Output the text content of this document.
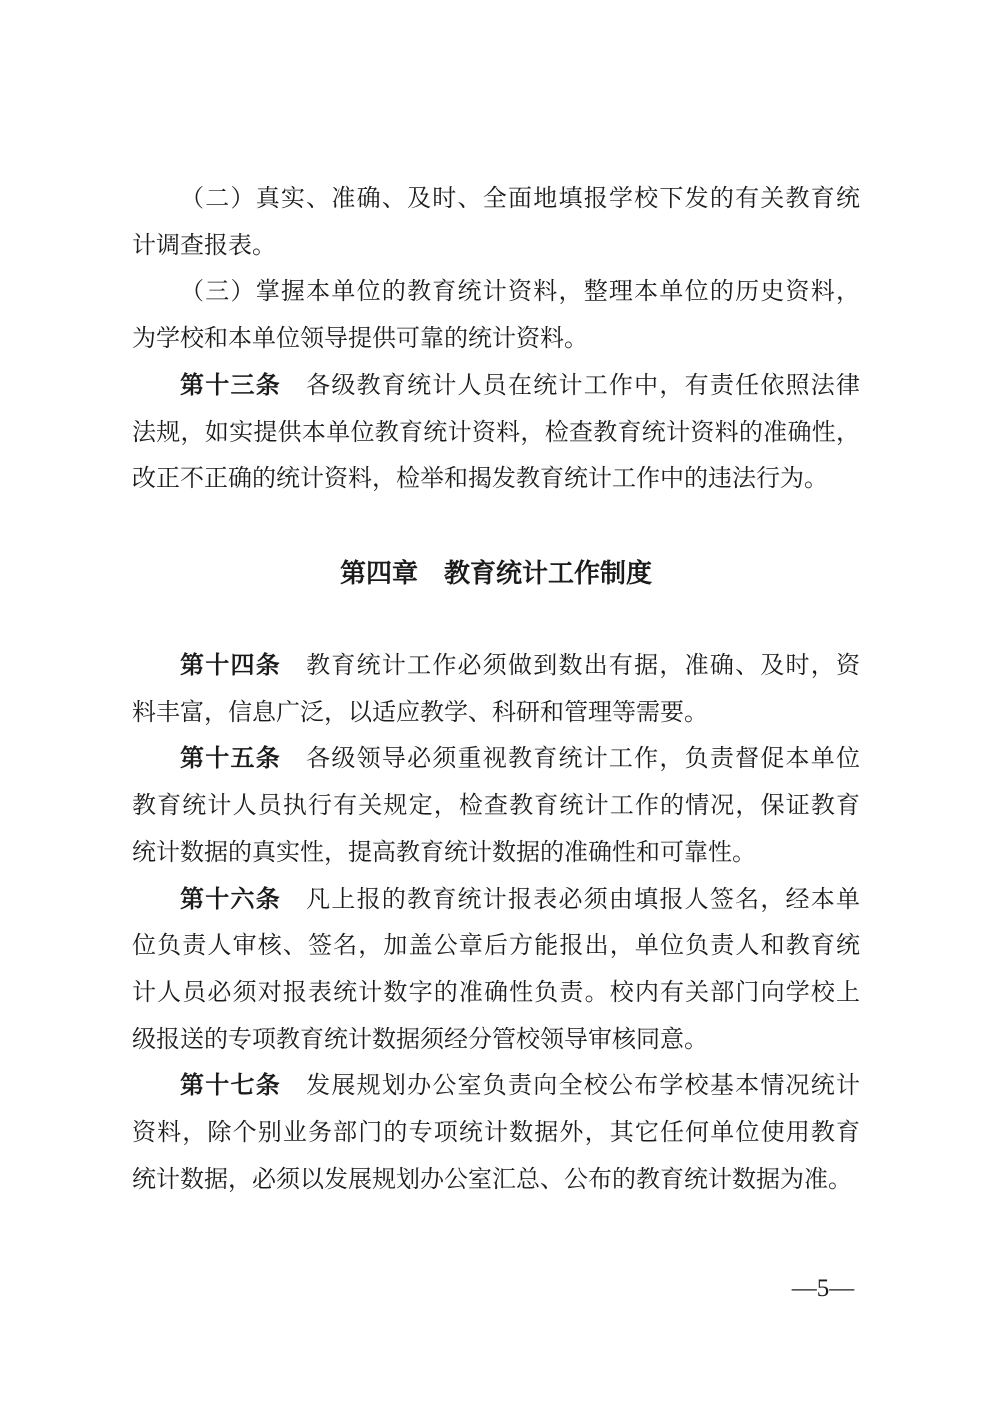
（二）真实、准确、及时、全面地填报学校下发的有关教育统
计调查报表。
（三）掌握本单位的教育统计资料，整理本单位的历史资料，
为学校和本单位领导提供可靠的统计资料。
第十三条　各级教育统计人员在统计工作中，有责任依照法律
法规，如实提供本单位教育统计资料，检查教育统计资料的准确性，
改正不正确的统计资料，检举和揭发教育统计工作中的违法行为。
第四章　教育统计工作制度
第十四条　教育统计工作必须做到数出有据，准确、及时，资
料丰富，信息广泛，以适应教学、科研和管理等需要。
第十五条　各级领导必须重视教育统计工作，负责督促本单位
教育统计人员执行有关规定，检查教育统计工作的情况，保证教育
统计数据的真实性，提高教育统计数据的准确性和可靠性。
第十六条　凡上报的教育统计报表必须由填报人签名，经本单
位负责人审核、签名，加盖公章后方能报出，单位负责人和教育统
计人员必须对报表统计数字的准确性负责。校内有关部门向学校上
级报送的专项教育统计数据须经分管校领导审核同意。
第十七条　发展规划办公室负责向全校公布学校基本情况统计
资料，除个别业务部门的专项统计数据外，其它任何单位使用教育
统计数据，必须以发展规划办公室汇总、公布的教育统计数据为准。
—5—
